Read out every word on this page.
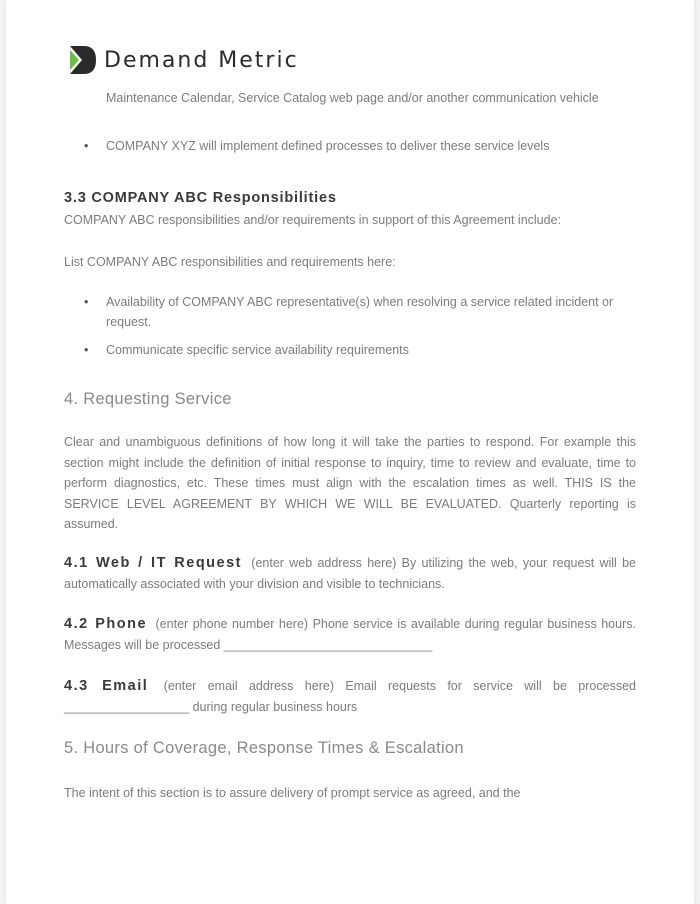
Demand Metric
Maintenance Calendar, Service Catalog web page and/or another communication vehicle
• COMPANY XYZ will implement defined processes to deliver these service levels
3.3 COMPANY ABC Responsibilities
COMPANY ABC responsibilities and/or requirements in support of this Agreement include:
List COMPANY ABC responsibilities and requirements here:
• Availability of COMPANY ABC representative(s) when resolving a service related incident or request.
• Communicate specific service availability requirements
4. Requesting Service
Clear and unambiguous definitions of how long it will take the parties to respond. For example this section might include the definition of initial response to inquiry, time to review and evaluate, time to perform diagnostics, etc. These times must align with the escalation times as well. THIS IS the SERVICE LEVEL AGREEMENT BY WHICH WE WILL BE EVALUATED. Quarterly reporting is assumed.
4.1 Web / IT Request (enter web address here) By utilizing the web, your request will be automatically associated with your division and visible to technicians.
4.2 Phone (enter phone number here) Phone service is available during regular business hours. Messages will be processed ______________________________
4.3 Email (enter email address here) Email requests for service will be processed __________________ during regular business hours
5. Hours of Coverage, Response Times & Escalation
The intent of this section is to assure delivery of prompt service as agreed, and the
